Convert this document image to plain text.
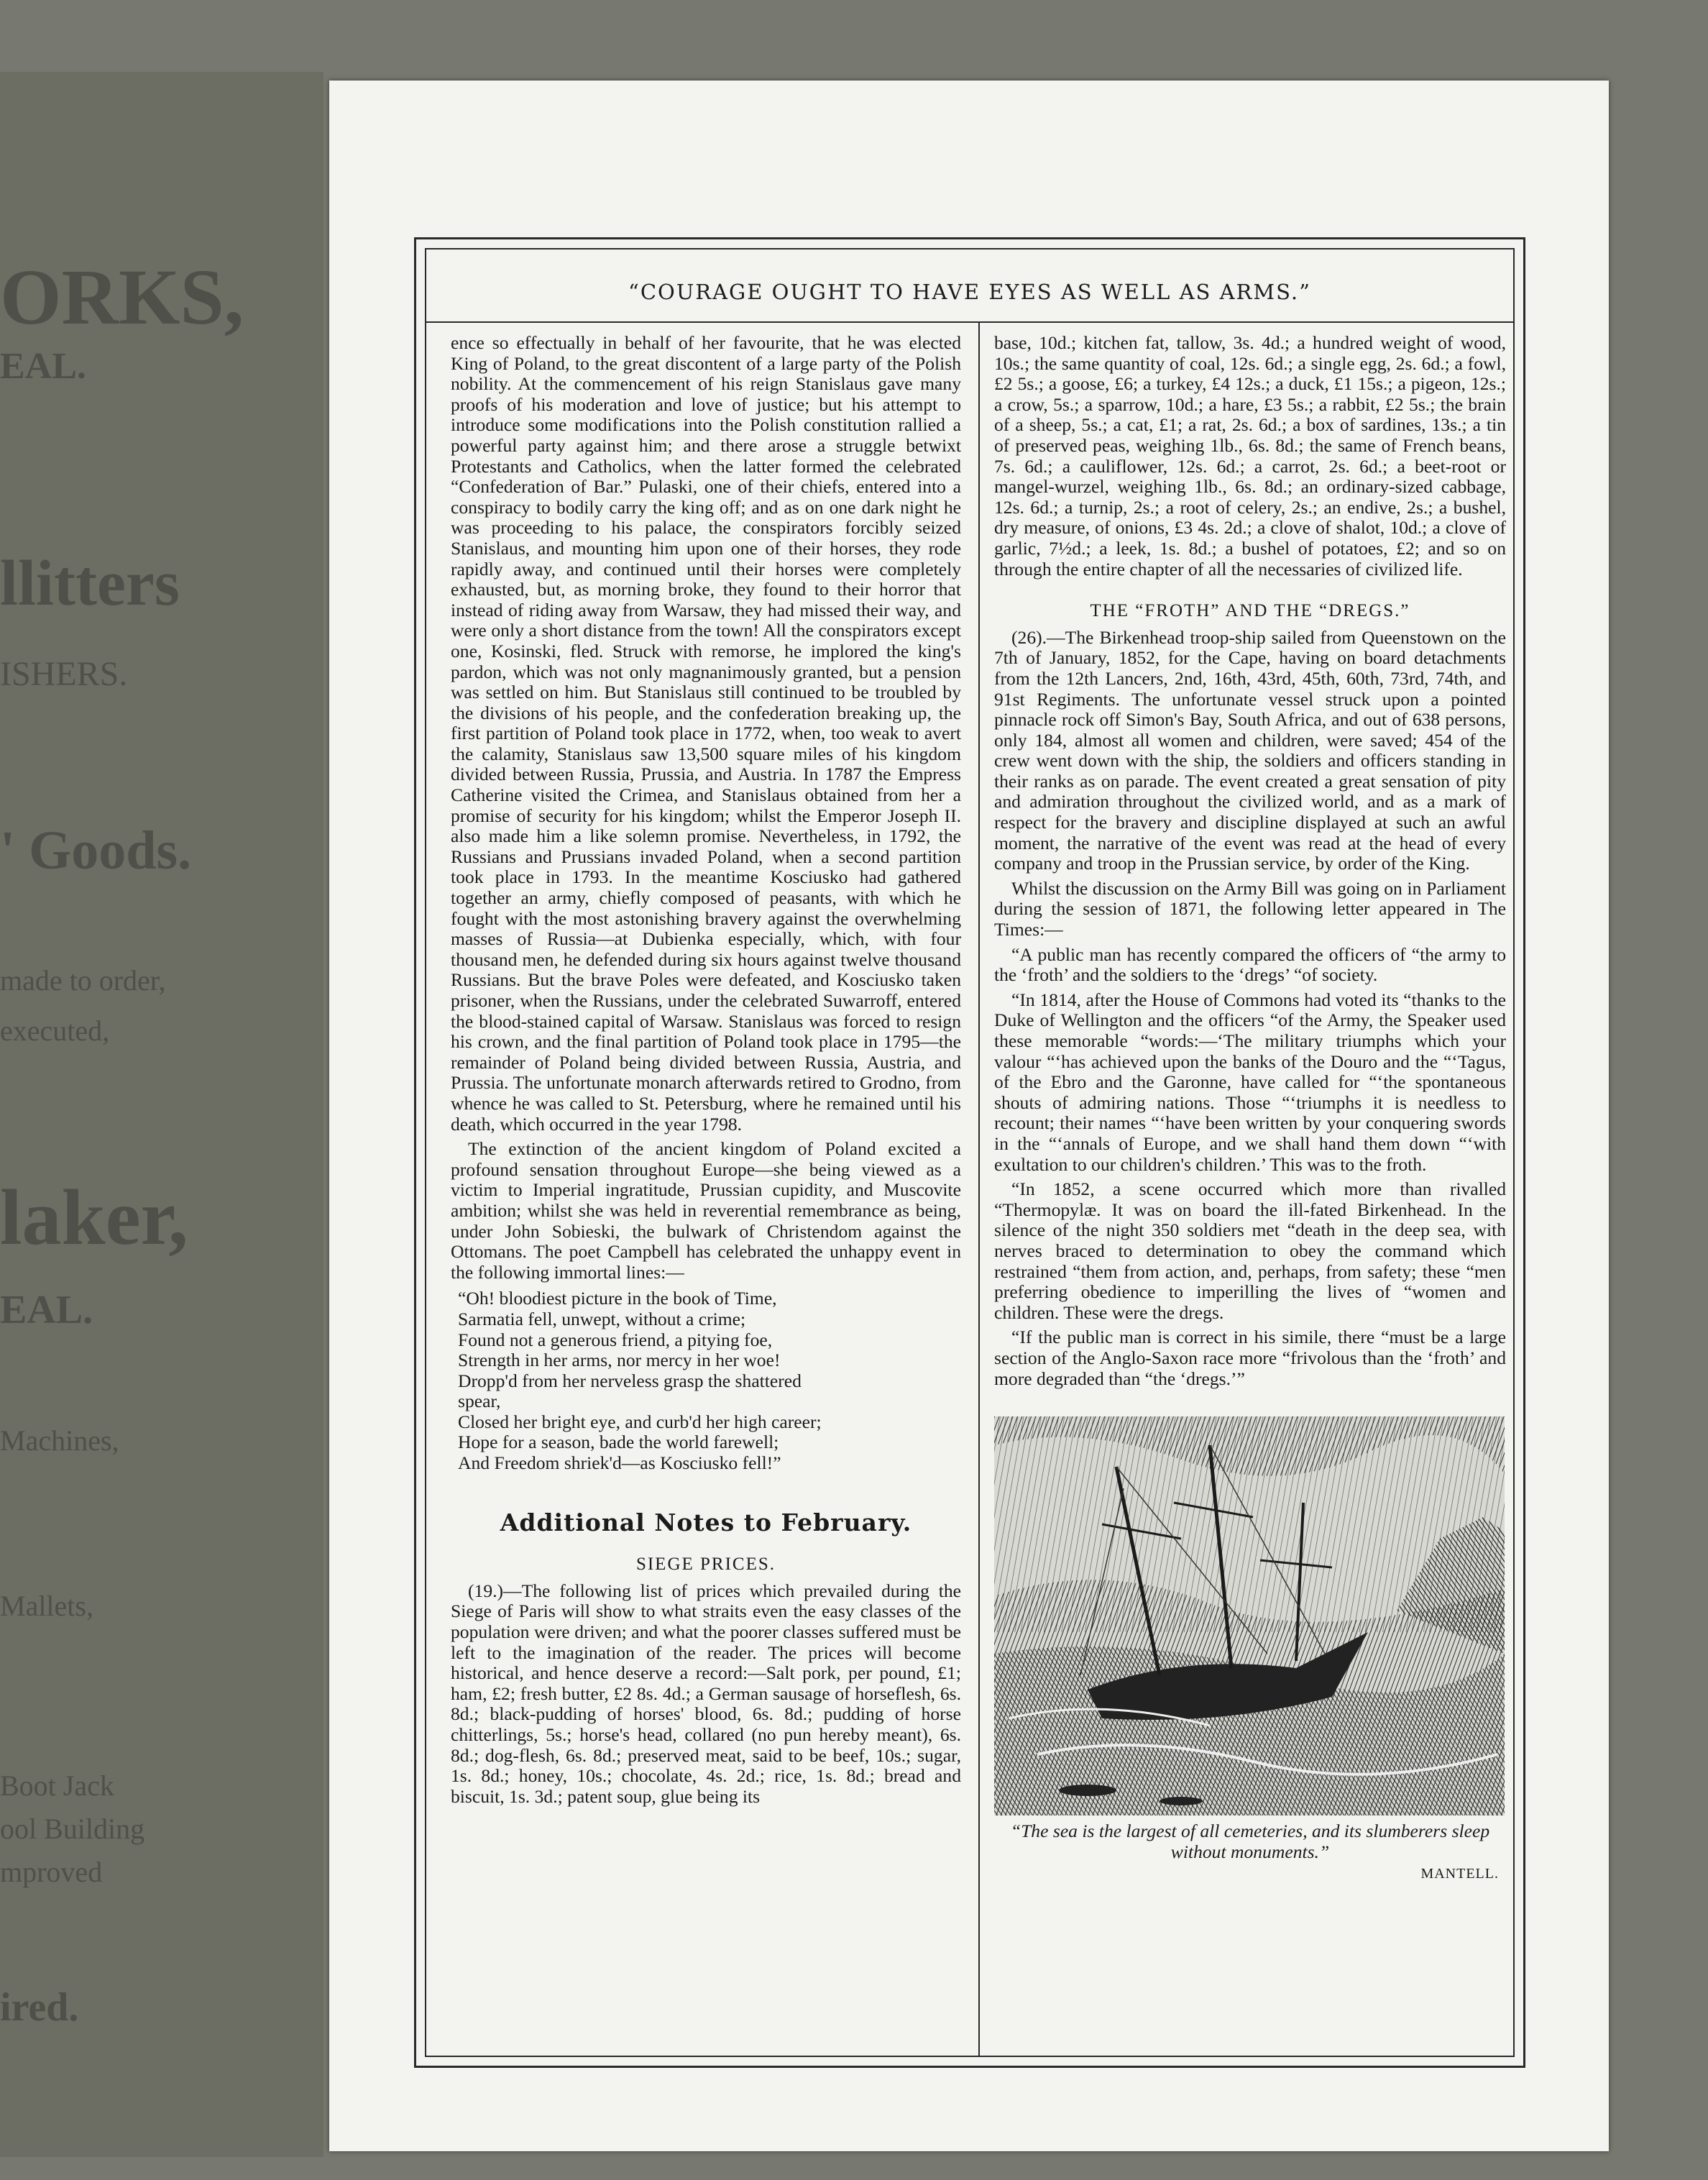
ORKS,
EAL.
llitters
ISHERS.
' Goods.
made to order,
executed,
laker,
EAL.
Machines,
Mallets,
Boot Jack
ool Building
mproved
ired.
“COURAGE OUGHT TO HAVE EYES AS WELL AS ARMS.”

ence so effectually in behalf of her favourite, that he was elected King of Poland, to the great discontent of a large party of the Polish nobility. At the commencement of his reign Stanislaus gave many proofs of his moderation and love of justice; but his attempt to introduce some modifications into the Polish constitution rallied a powerful party against him; and there arose a struggle betwixt Protestants and Catholics, when the latter formed the celebrated “Confederation of Bar.” Pulaski, one of their chiefs, entered into a conspiracy to bodily carry the king off; and as on one dark night he was proceeding to his palace, the conspirators forcibly seized Stanislaus, and mounting him upon one of their horses, they rode rapidly away, and continued until their horses were completely exhausted, but, as morning broke, they found to their horror that instead of riding away from Warsaw, they had missed their way, and were only a short distance from the town! All the conspirators except one, Kosinski, fled. Struck with remorse, he implored the king's pardon, which was not only magnanimously granted, but a pension was settled on him. But Stanislaus still continued to be troubled by the divisions of his people, and the confederation breaking up, the first partition of Poland took place in 1772, when, too weak to avert the calamity, Stanislaus saw 13,500 square miles of his kingdom divided between Russia, Prussia, and Austria. In 1787 the Empress Catherine visited the Crimea, and Stanislaus obtained from her a promise of security for his kingdom; whilst the Emperor Joseph II. also made him a like solemn promise. Nevertheless, in 1792, the Russians and Prussians invaded Poland, when a second partition took place in 1793. In the meantime Kosciusko had gathered together an army, chiefly composed of peasants, with which he fought with the most astonishing bravery against the overwhelming masses of Russia—at Dubienka especially, which, with four thousand men, he defended during six hours against twelve thousand Russians. But the brave Poles were defeated, and Kosciusko taken prisoner, when the Russians, under the celebrated Suwarroff, entered the blood-stained capital of Warsaw. Stanislaus was forced to resign his crown, and the final partition of Poland took place in 1795—the remainder of Poland being divided between Russia, Austria, and Prussia. The unfortunate monarch afterwards retired to Grodno, from whence he was called to St. Petersburg, where he remained until his death, which occurred in the year 1798.

The extinction of the ancient kingdom of Poland excited a profound sensation throughout Europe—she being viewed as a victim to Imperial ingratitude, Prussian cupidity, and Muscovite ambition; whilst she was held in reverential remembrance as being, under John Sobieski, the bulwark of Christendom against the Ottomans. The poet Campbell has celebrated the unhappy event in the following immortal lines:—

“Oh! bloodiest picture in the book of Time,
Sarmatia fell, unwept, without a crime;
Found not a generous friend, a pitying foe,
Strength in her arms, nor mercy in her woe!
Dropp'd from her nerveless grasp the shattered
spear,
Closed her bright eye, and curb'd her high career;
Hope for a season, bade the world farewell;
And Freedom shriek'd—as Kosciusko fell!”
Additional Notes to February.
SIEGE PRICES.

(19.)—The following list of prices which prevailed during the Siege of Paris will show to what straits even the easy classes of the population were driven; and what the poorer classes suffered must be left to the imagination of the reader. The prices will become historical, and hence deserve a record:—Salt pork, per pound, £1; ham, £2; fresh butter, £2 8s. 4d.; a German sausage of horseflesh, 6s. 8d.; black-pudding of horses' blood, 6s. 8d.; pudding of horse chitterlings, 5s.; horse's head, collared (no pun hereby meant), 6s. 8d.; dog-flesh, 6s. 8d.; preserved meat, said to be beef, 10s.; sugar, 1s. 8d.; honey, 10s.; chocolate, 4s. 2d.; rice, 1s. 8d.; bread and biscuit, 1s. 3d.; patent soup, glue being its

base, 10d.; kitchen fat, tallow, 3s. 4d.; a hundred weight of wood, 10s.; the same quantity of coal, 12s. 6d.; a single egg, 2s. 6d.; a fowl, £2 5s.; a goose, £6; a turkey, £4 12s.; a duck, £1 15s.; a pigeon, 12s.; a crow, 5s.; a sparrow, 10d.; a hare, £3 5s.; a rabbit, £2 5s.; the brain of a sheep, 5s.; a cat, £1; a rat, 2s. 6d.; a box of sardines, 13s.; a tin of preserved peas, weighing 1lb., 6s. 8d.; the same of French beans, 7s. 6d.; a cauliflower, 12s. 6d.; a carrot, 2s. 6d.; a beet-root or mangel-wurzel, weighing 1lb., 6s. 8d.; an ordinary-sized cabbage, 12s. 6d.; a turnip, 2s.; a root of celery, 2s.; an endive, 2s.; a bushel, dry measure, of onions, £3 4s. 2d.; a clove of shalot, 10d.; a clove of garlic, 7½d.; a leek, 1s. 8d.; a bushel of potatoes, £2; and so on through the entire chapter of all the necessaries of civilized life.

THE “FROTH” AND THE “DREGS.”

(26).—The Birkenhead troop-ship sailed from Queenstown on the 7th of January, 1852, for the Cape, having on board detachments from the 12th Lancers, 2nd, 16th, 43rd, 45th, 60th, 73rd, 74th, and 91st Regiments. The unfortunate vessel struck upon a pointed pinnacle rock off Simon's Bay, South Africa, and out of 638 persons, only 184, almost all women and children, were saved; 454 of the crew went down with the ship, the soldiers and officers standing in their ranks as on parade. The event created a great sensation of pity and admiration throughout the civilized world, and as a mark of respect for the bravery and discipline displayed at such an awful moment, the narrative of the event was read at the head of every company and troop in the Prussian service, by order of the King.

Whilst the discussion on the Army Bill was going on in Parliament during the session of 1871, the following letter appeared in The Times:—

“A public man has recently compared the officers of “the army to the ‘froth’ and the soldiers to the ‘dregs’ “of society.

“In 1814, after the House of Commons had voted its “thanks to the Duke of Wellington and the officers “of the Army, the Speaker used these memorable “words:—‘The military triumphs which your valour “‘has achieved upon the banks of the Douro and the “‘Tagus, of the Ebro and the Garonne, have called for “‘the spontaneous shouts of admiring nations. Those “‘triumphs it is needless to recount; their names “‘have been written by your conquering swords in the “‘annals of Europe, and we shall hand them down “‘with exultation to our children's children.’ This was to the froth.

“In 1852, a scene occurred which more than rivalled “Thermopylæ. It was on board the ill-fated Birkenhead. In the silence of the night 350 soldiers met “death in the deep sea, with nerves braced to determination to obey the command which restrained “them from action, and, perhaps, from safety; these “men preferring obedience to imperilling the lives of “women and children. These were the dregs.

“If the public man is correct in his simile, there “must be a large section of the Anglo-Saxon race more “frivolous than the ‘froth’ and more degraded than “the ‘dregs.’”

“The sea is the largest of all cemeteries, and its slumberers sleep without monuments.”
MANTELL.
